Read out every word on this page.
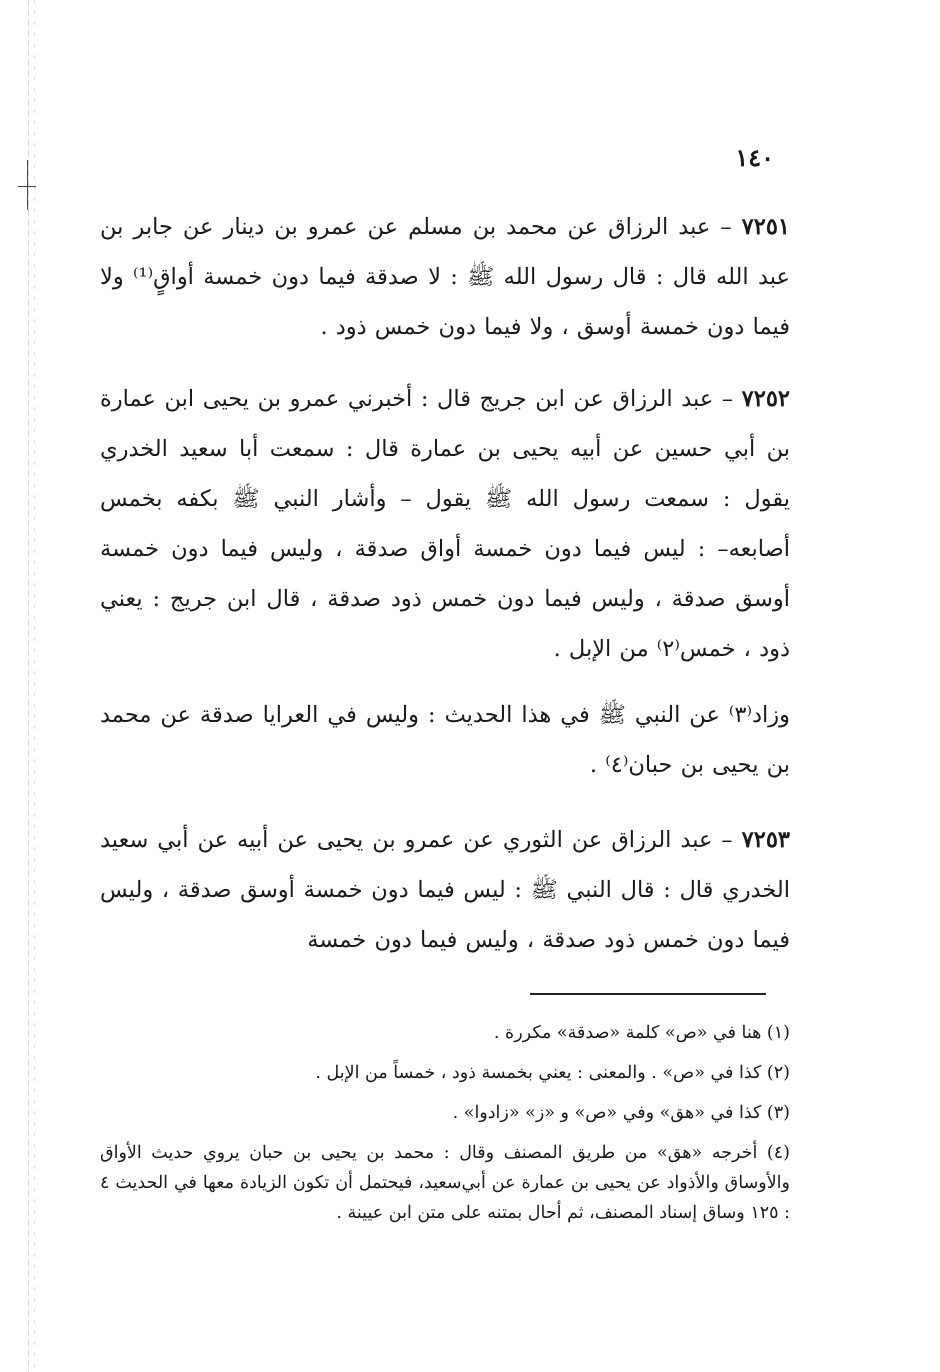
١٤٠

٧٢٥١ – عبد الرزاق عن محمد بن مسلم عن عمرو بن دينار عن جابر بن عبد الله قال : قال رسول الله ﷺ : لا صدقة فيما دون خمسة أواقٍ⁽¹⁾ ولا فيما دون خمسة أوسق ، ولا فيما دون خمس ذود .

٧٢٥٢ – عبد الرزاق عن ابن جريج قال : أخبرني عمرو بن يحيى ابن عمارة بن أبي حسين عن أبيه يحيى بن عمارة قال : سمعت أبا سعيد الخدري يقول : سمعت رسول الله ﷺ يقول – وأشار النبي ﷺ بكفه بخمس أصابعه– : ليس فيما دون خمسة أواق صدقة ، وليس فيما دون خمسة أوسق صدقة ، وليس فيما دون خمس ذود صدقة ، قال ابن جريج : يعني ذود ، خمس⁽٢⁾ من الإبل .

وزاد⁽٣⁾ عن النبي ﷺ في هذا الحديث : وليس في العرايا صدقة عن محمد بن يحيى بن حبان⁽٤⁾ .

٧٢٥٣ – عبد الرزاق عن الثوري عن عمرو بن يحيى عن أبيه عن أبي سعيد الخدري قال : قال النبي ﷺ : ليس فيما دون خمسة أوسق صدقة ، وليس فيما دون خمس ذود صدقة ، وليس فيما دون خمسة

(١) هنا في «ص» كلمة «صدقة» مكررة .

(٢) كذا في «ص» . والمعنى : يعني بخمسة ذود ، خمساً من الإبل .

(٣) كذا في «هق» وفي «ص» و «ز» «زادوا» .

(٤) أخرجه «هق» من طريق المصنف وقال : محمد بن يحيى بن حبان يروي حديث الأواق والأوساق والأذواد عن يحيى بن عمارة عن أبي‌سعيد، فيحتمل أن تكون الزيادة معها في الحديث ٤ : ١٢٥ وساق إسناد المصنف، ثم أحال بمتنه على متن ابن عيينة .
